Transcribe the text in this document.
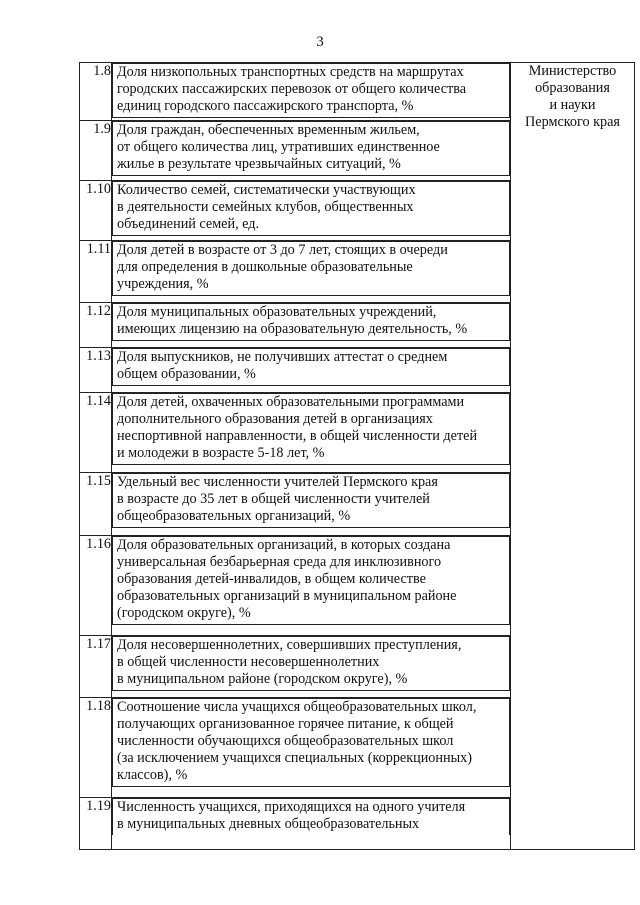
3
1.8	Доля низкопольных транспортных средств на маршрутах
городских пассажирских перевозок от общего количества
единиц городского пассажирского транспорта, %	Министерство
образования
и науки
Пермского края

1.9	Доля граждан, обеспеченных временным жильем,
от общего количества лиц, утративших единственное
жилье в результате чрезвычайных ситуаций, %	

1.10	Количество семей, систематически участвующих
в деятельности семейных клубов, общественных
объединений семей, ед.	

1.11	Доля детей в возрасте от 3 до 7 лет, стоящих в очереди
для определения в дошкольные образовательные
учреждения, %	

1.12	Доля муниципальных образовательных учреждений,
имеющих лицензию на образовательную деятельность, %	

1.13	Доля выпускников, не получивших аттестат о среднем
общем образовании, %	

1.14	Доля детей, охваченных образовательными программами
дополнительного образования детей в организациях
неспортивной направленности, в общей численности детей
и молодежи в возрасте 5-18 лет, %	

1.15	Удельный вес численности учителей Пермского края
в возрасте до 35 лет в общей численности учителей
общеобразовательных организаций, %	

1.16	Доля образовательных организаций, в которых создана
универсальная безбарьерная среда для инклюзивного
образования детей-инвалидов, в общем количестве
образовательных организаций в муниципальном районе
(городском округе), %	

1.17	Доля несовершеннолетних, совершивших преступления,
в общей численности несовершеннолетних
в муниципальном районе (городском округе), %	

1.18	Соотношение числа учащихся общеобразовательных школ,
получающих организованное горячее питание, к общей
численности обучающихся общеобразовательных школ
(за исключением учащихся специальных (коррекционных)
классов), %	

1.19	Численность учащихся, приходящихся на одного учителя
в муниципальных дневных общеобразовательных	
